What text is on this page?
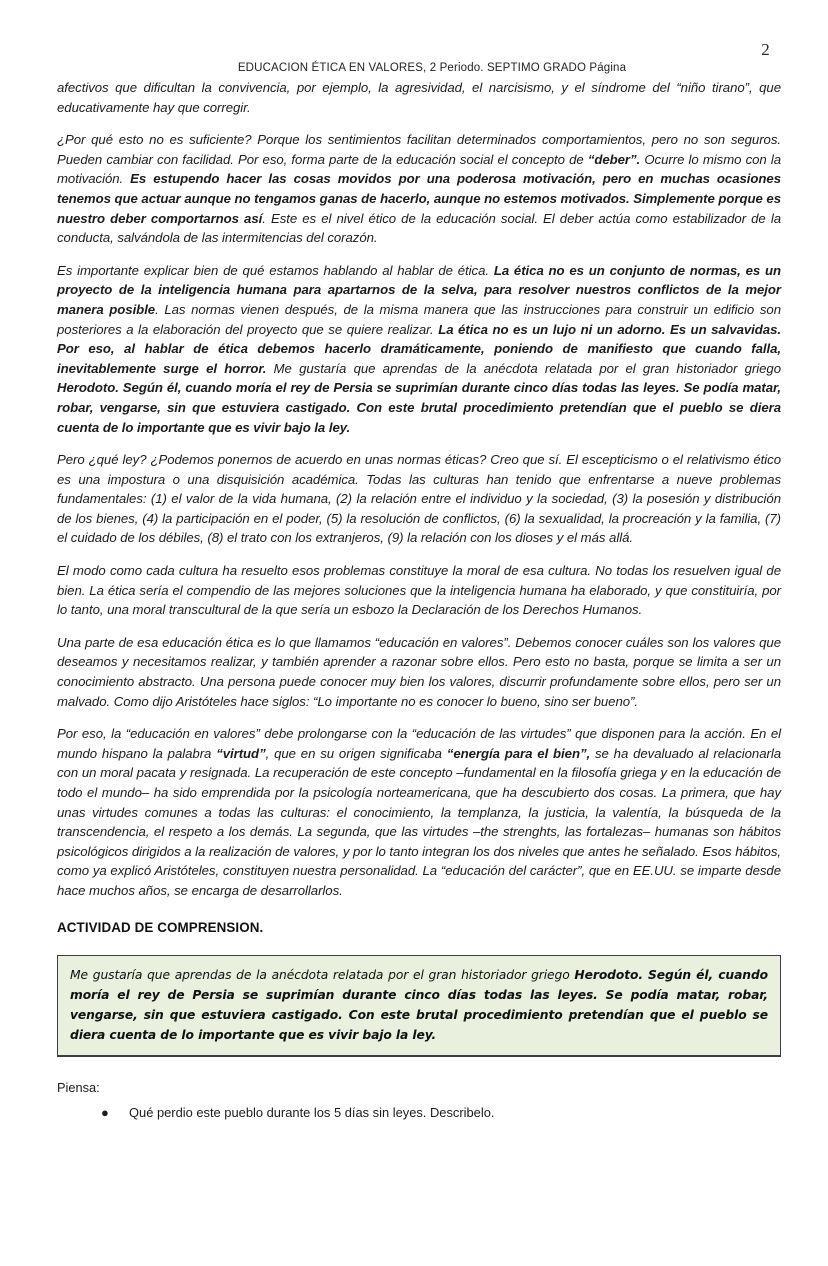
2
EDUCACION ÉTICA EN VALORES, 2 Periodo. SEPTIMO GRADO Página

afectivos que dificultan la convivencia, por ejemplo, la agresividad, el narcisismo, y el síndrome del “niño tirano”, que educativamente hay que corregir.

¿Por qué esto no es suficiente? Porque los sentimientos facilitan determinados comportamientos, pero no son seguros. Pueden cambiar con facilidad. Por eso, forma parte de la educación social el concepto de “deber”. Ocurre lo mismo con la motivación. Es estupendo hacer las cosas movidos por una poderosa motivación, pero en muchas ocasiones tenemos que actuar aunque no tengamos ganas de hacerlo, aunque no estemos motivados. Simplemente porque es nuestro deber comportarnos así. Este es el nivel ético de la educación social. El deber actúa como estabilizador de la conducta, salvándola de las intermitencias del corazón.

Es importante explicar bien de qué estamos hablando al hablar de ética. La ética no es un conjunto de normas, es un proyecto de la inteligencia humana para apartarnos de la selva, para resolver nuestros conflictos de la mejor manera posible. Las normas vienen después, de la misma manera que las instrucciones para construir un edificio son posteriores a la elaboración del proyecto que se quiere realizar. La ética no es un lujo ni un adorno. Es un salvavidas. Por eso, al hablar de ética debemos hacerlo dramáticamente, poniendo de manifiesto que cuando falla, inevitablemente surge el horror. Me gustaría que aprendas de la anécdota relatada por el gran historiador griego Herodoto. Según él, cuando moría el rey de Persia se suprimían durante cinco días todas las leyes. Se podía matar, robar, vengarse, sin que estuviera castigado. Con este brutal procedimiento pretendían que el pueblo se diera cuenta de lo importante que es vivir bajo la ley.

Pero ¿qué ley? ¿Podemos ponernos de acuerdo en unas normas éticas? Creo que sí. El escepticismo o el relativismo ético es una impostura o una disquisición académica. Todas las culturas han tenido que enfrentarse a nueve problemas fundamentales: (1) el valor de la vida humana, (2) la relación entre el individuo y la sociedad, (3) la posesión y distribución de los bienes, (4) la participación en el poder, (5) la resolución de conflictos, (6) la sexualidad, la procreación y la familia, (7) el cuidado de los débiles, (8) el trato con los extranjeros, (9) la relación con los dioses y el más allá.

El modo como cada cultura ha resuelto esos problemas constituye la moral de esa cultura. No todas los resuelven igual de bien. La ética sería el compendio de las mejores soluciones que la inteligencia humana ha elaborado, y que constituiría, por lo tanto, una moral transcultural de la que sería un esbozo la Declaración de los Derechos Humanos.

Una parte de esa educación ética es lo que llamamos “educación en valores”. Debemos conocer cuáles son los valores que deseamos y necesitamos realizar, y también aprender a razonar sobre ellos. Pero esto no basta, porque se limita a ser un conocimiento abstracto. Una persona puede conocer muy bien los valores, discurrir profundamente sobre ellos, pero ser un malvado. Como dijo Aristóteles hace siglos: “Lo importante no es conocer lo bueno, sino ser bueno”.

Por eso, la “educación en valores” debe prolongarse con la “educación de las virtudes” que disponen para la acción. En el mundo hispano la palabra “virtud”, que en su origen significaba “energía para el bien”, se ha devaluado al relacionarla con un moral pacata y resignada. La recuperación de este concepto –fundamental en la filosofía griega y en la educación de todo el mundo– ha sido emprendida por la psicología norteamericana, que ha descubierto dos cosas. La primera, que hay unas virtudes comunes a todas las culturas: el conocimiento, la templanza, la justicia, la valentía, la búsqueda de la transcendencia, el respeto a los demás. La segunda, que las virtudes –the strenghts, las fortalezas– humanas son hábitos psicológicos dirigidos a la realización de valores, y por lo tanto integran los dos niveles que antes he señalado. Esos hábitos, como ya explicó Aristóteles, constituyen nuestra personalidad. La “educación del carácter”, que en EE.UU. se imparte desde hace muchos años, se encarga de desarrollarlos.

ACTIVIDAD DE COMPRENSION.

Me gustaría que aprendas de la anécdota relatada por el gran historiador griego Herodoto. Según él, cuando moría el rey de Persia se suprimían durante cinco días todas las leyes. Se podía matar, robar, vengarse, sin que estuviera castigado. Con este brutal procedimiento pretendían que el pueblo se diera cuenta de lo importante que es vivir bajo la ley.

Piensa:
● Qué perdio este pueblo durante los 5 días sin leyes. Describelo.
